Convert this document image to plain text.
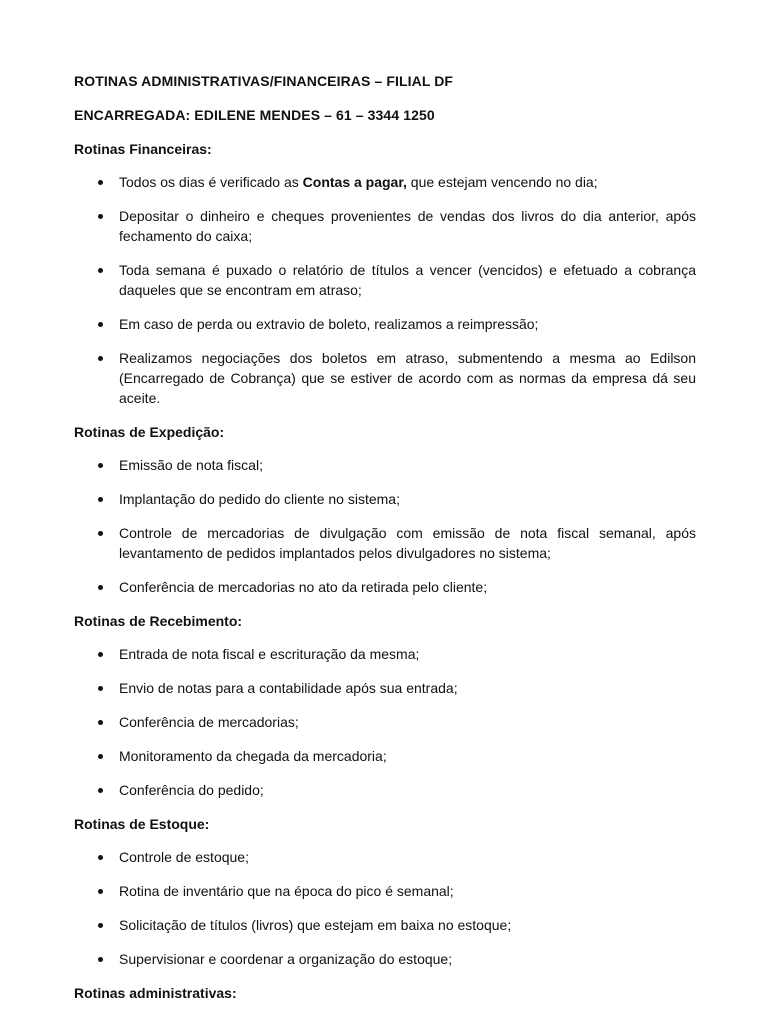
ROTINAS ADMINISTRATIVAS/FINANCEIRAS – FILIAL DF

ENCARREGADA: EDILENE MENDES – 61 – 3344 1250

Rotinas Financeiras:

Todos os dias é verificado as Contas a pagar, que estejam vencendo no dia;
Depositar o dinheiro e cheques provenientes de vendas dos livros do dia anterior, após fechamento do caixa;
Toda semana é puxado o relatório de títulos a vencer (vencidos) e efetuado a cobrança daqueles que se encontram em atraso;
Em caso de perda ou extravio de boleto, realizamos a reimpressão;
Realizamos negociações dos boletos em atraso, submentendo a mesma ao Edilson (Encarregado de Cobrança) que se estiver de acordo com as normas da empresa dá seu aceite.

Rotinas de Expedição:

Emissão de nota fiscal;
Implantação do pedido do cliente no sistema;
Controle de mercadorias de divulgação com emissão de nota fiscal semanal, após levantamento de pedidos implantados pelos divulgadores no sistema;
Conferência de mercadorias no ato da retirada pelo cliente;

Rotinas de Recebimento:

Entrada de nota fiscal e escrituração da mesma;
Envio de notas para a contabilidade após sua entrada;
Conferência de mercadorias;
Monitoramento da chegada da mercadoria;
Conferência do pedido;

Rotinas de Estoque:

Controle de estoque;
Rotina de inventário que na época do pico é semanal;
Solicitação de títulos (livros) que estejam em baixa no estoque;
Supervisionar e coordenar a organização do estoque;

Rotinas administrativas:
